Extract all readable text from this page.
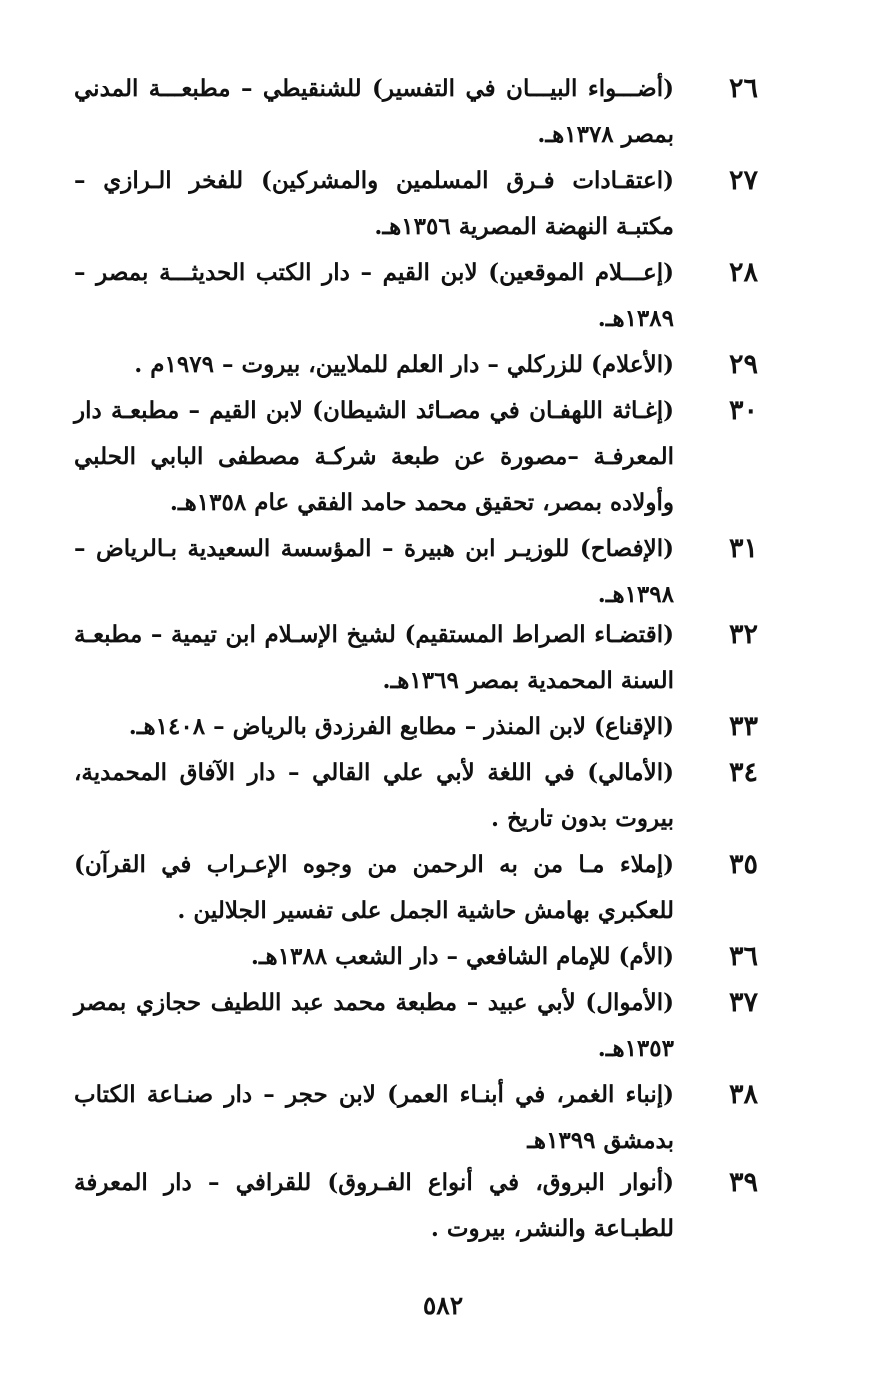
٢٦
(أضـــواء البيـــان في التفسير) للشنقيطي – مطبعـــة المدني بمصر ١٣٧٨هـ.
٢٧
(اعتقـادات فـرق المسلمين والمشركين) للفخر الـرازي – مكتبـة النهضة المصرية ١٣٥٦هـ.
٢٨
(إعـــلام الموقعين) لابن القيم – دار الكتب الحديثـــة بمصر – ١٣٨٩هـ.
٢٩
(الأعلام) للزركلي – دار العلم للملايين، بيروت – ١٩٧٩م .
٣٠
(إغـاثة اللهفـان في مصـائد الشيطان) لابن القيم – مطبعـة دار المعرفـة –مصورة عن طبعة شركـة مصطفى البابي الحلبي وأولاده بمصر، تحقيق محمد حامد الفقي عام ١٣٥٨هـ.
٣١
(الإفصاح) للوزيـر ابن هبيرة – المؤسسة السعيدية بـالرياض – ١٣٩٨هـ.
٣٢
(اقتضـاء الصراط المستقيم) لشيخ الإسـلام ابن تيمية – مطبعـة السنة المحمدية بمصر ١٣٦٩هـ.
٣٣
(الإقناع) لابن المنذر – مطابع الفرزدق بالرياض – ١٤٠٨هـ.
٣٤
(الأمالي) في اللغة لأبي علي القالي – دار الآفاق المحمدية، بيروت بدون تاريخ .
٣٥
(إملاء مـا من به الرحمن من وجوه الإعـراب في القرآن) للعكبري بهامش حاشية الجمل على تفسير الجلالين .
٣٦
(الأم) للإمام الشافعي – دار الشعب ١٣٨٨هـ.
٣٧
(الأموال) لأبي عبيد – مطبعة محمد عبد اللطيف حجازي بمصر ١٣٥٣هـ.
٣٨
(إنباء الغمر، في أبنـاء العمر) لابن حجر – دار صنـاعة الكتاب بدمشق ١٣٩٩هـ
٣٩
(أنوار البروق، في أنواع الفـروق) للقرافي – دار المعرفة للطبـاعة والنشر، بيروت .
٥٨٢
